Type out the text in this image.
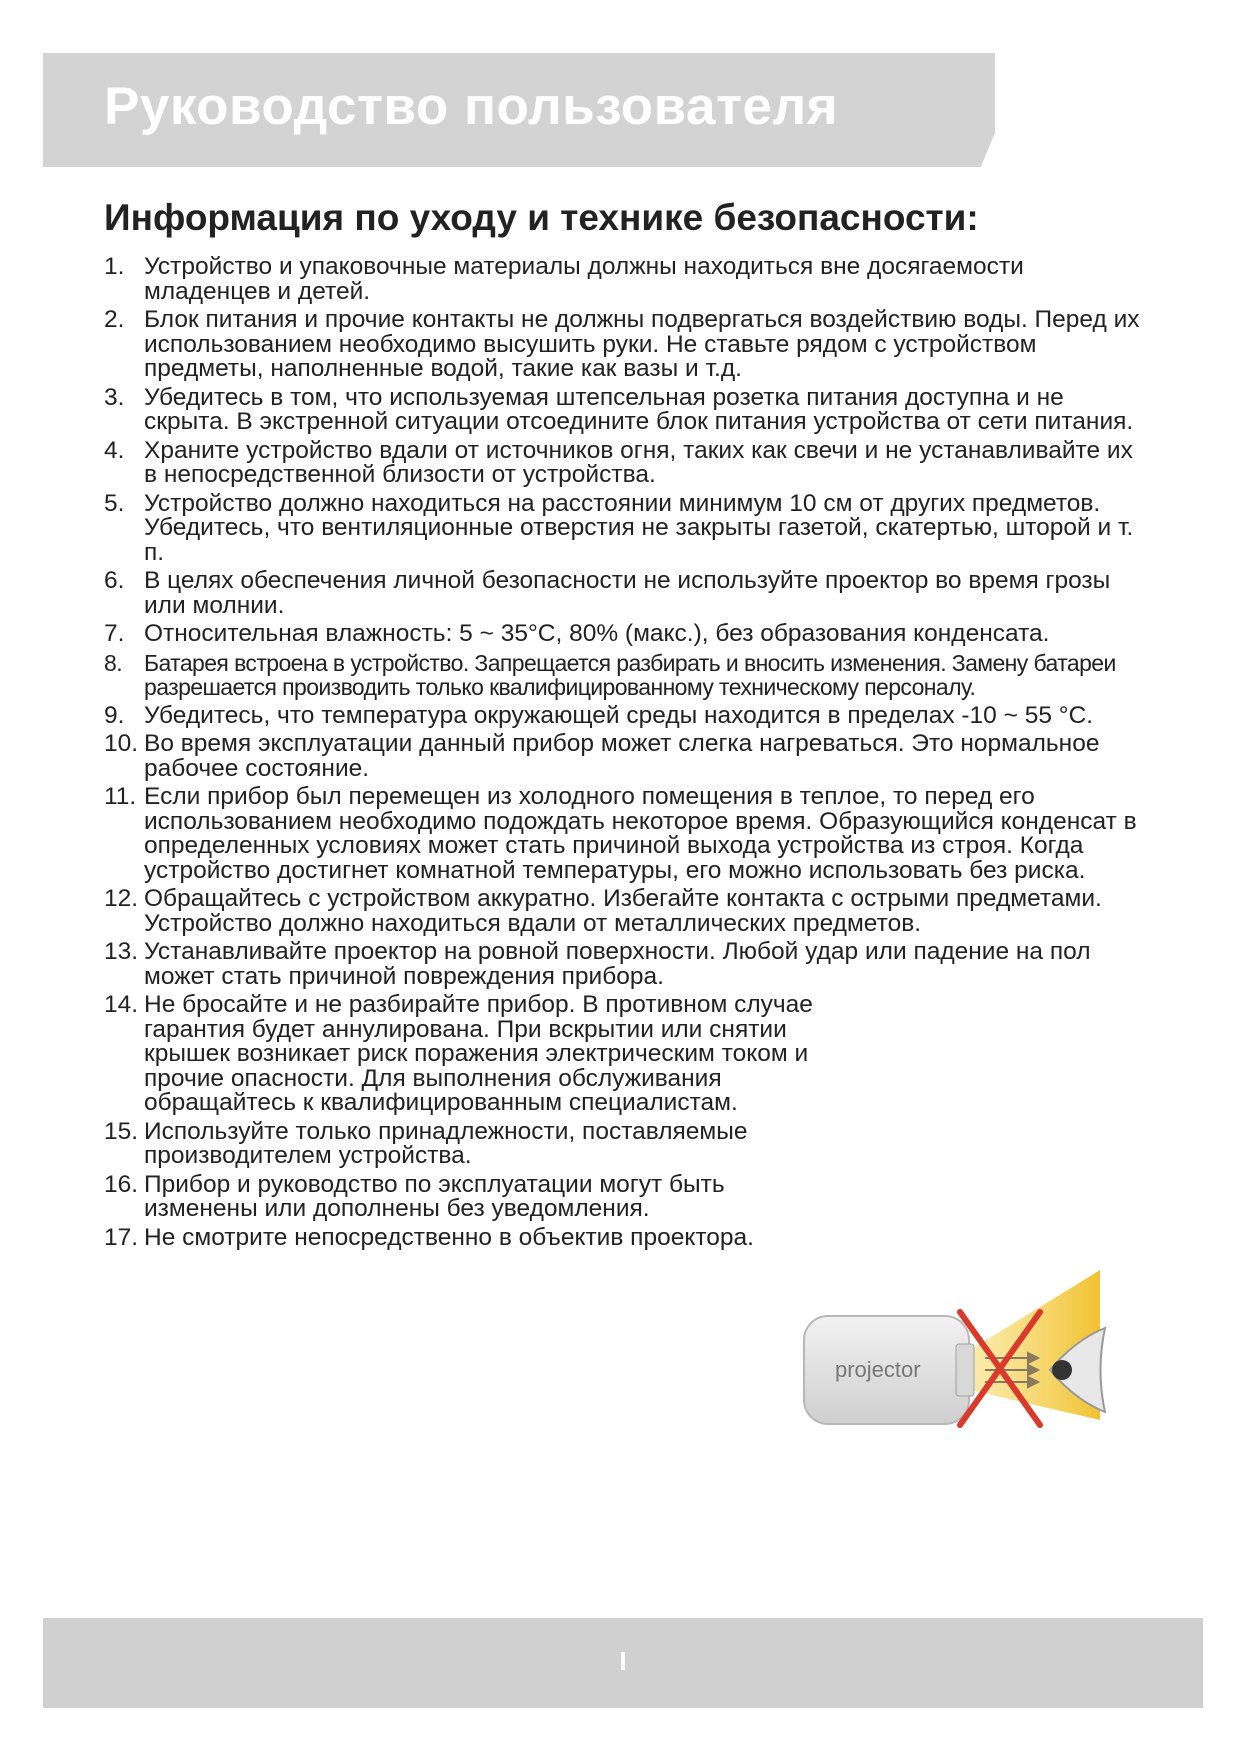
Руководство пользователя
Информация по уходу и технике безопасности:
1. Устройство и упаковочные материалы должны находиться вне досягаемости младенцев и детей.
2. Блок питания и прочие контакты не должны подвергаться воздействию воды. Перед их использованием необходимо высушить руки. Не ставьте рядом с устройством предметы, наполненные водой, такие как вазы и т.д.
3. Убедитесь в том, что используемая штепсельная розетка питания доступна и не скрыта. В экстренной ситуации отсоедините блок питания устройства от сети питания.
4. Храните устройство вдали от источников огня, таких как свечи и не устанавливайте их в непосредственной близости от устройства.
5. Устройство должно находиться на расстоянии минимум 10 см от других предметов. Убедитесь, что вентиляционные отверстия не закрыты газетой, скатертью, шторой и т. п.
6. В целях обеспечения личной безопасности не используйте проектор во время грозы или молнии.
7. Относительная влажность: 5 ~ 35°С, 80% (макс.), без образования конденсата.
8. Батарея встроена в устройство. Запрещается разбирать и вносить изменения. Замену батареи разрешается производить только квалифицированному техническому персоналу.
9. Убедитесь, что температура окружающей среды находится в пределах -10 ~ 55 °С.
10. Во время эксплуатации данный прибор может слегка нагреваться. Это нормальное рабочее состояние.
11. Если прибор был перемещен из холодного помещения в теплое, то перед его использованием необходимо подождать некоторое время. Образующийся конденсат в определенных условиях может стать причиной выхода устройства из строя. Когда устройство достигнет комнатной температуры, его можно использовать без риска.
12. Обращайтесь с устройством аккуратно. Избегайте контакта с острыми предметами. Устройство должно находиться вдали от металлических предметов.
13. Устанавливайте проектор на ровной поверхности. Любой удар или падение на пол может стать причиной повреждения прибора.
14. Не бросайте и не разбирайте прибор. В противном случае гарантия будет аннулирована. При вскрытии или снятии крышек возникает риск поражения электрическим током и прочие опасности. Для выполнения обслуживания обращайтесь к квалифицированным специалистам.
15. Используйте только принадлежности, поставляемые производителем устройства.
16. Прибор и руководство по эксплуатации могут быть изменены или дополнены без уведомления.
17. Не смотрите непосредственно в объектив проектора.
projector
I
